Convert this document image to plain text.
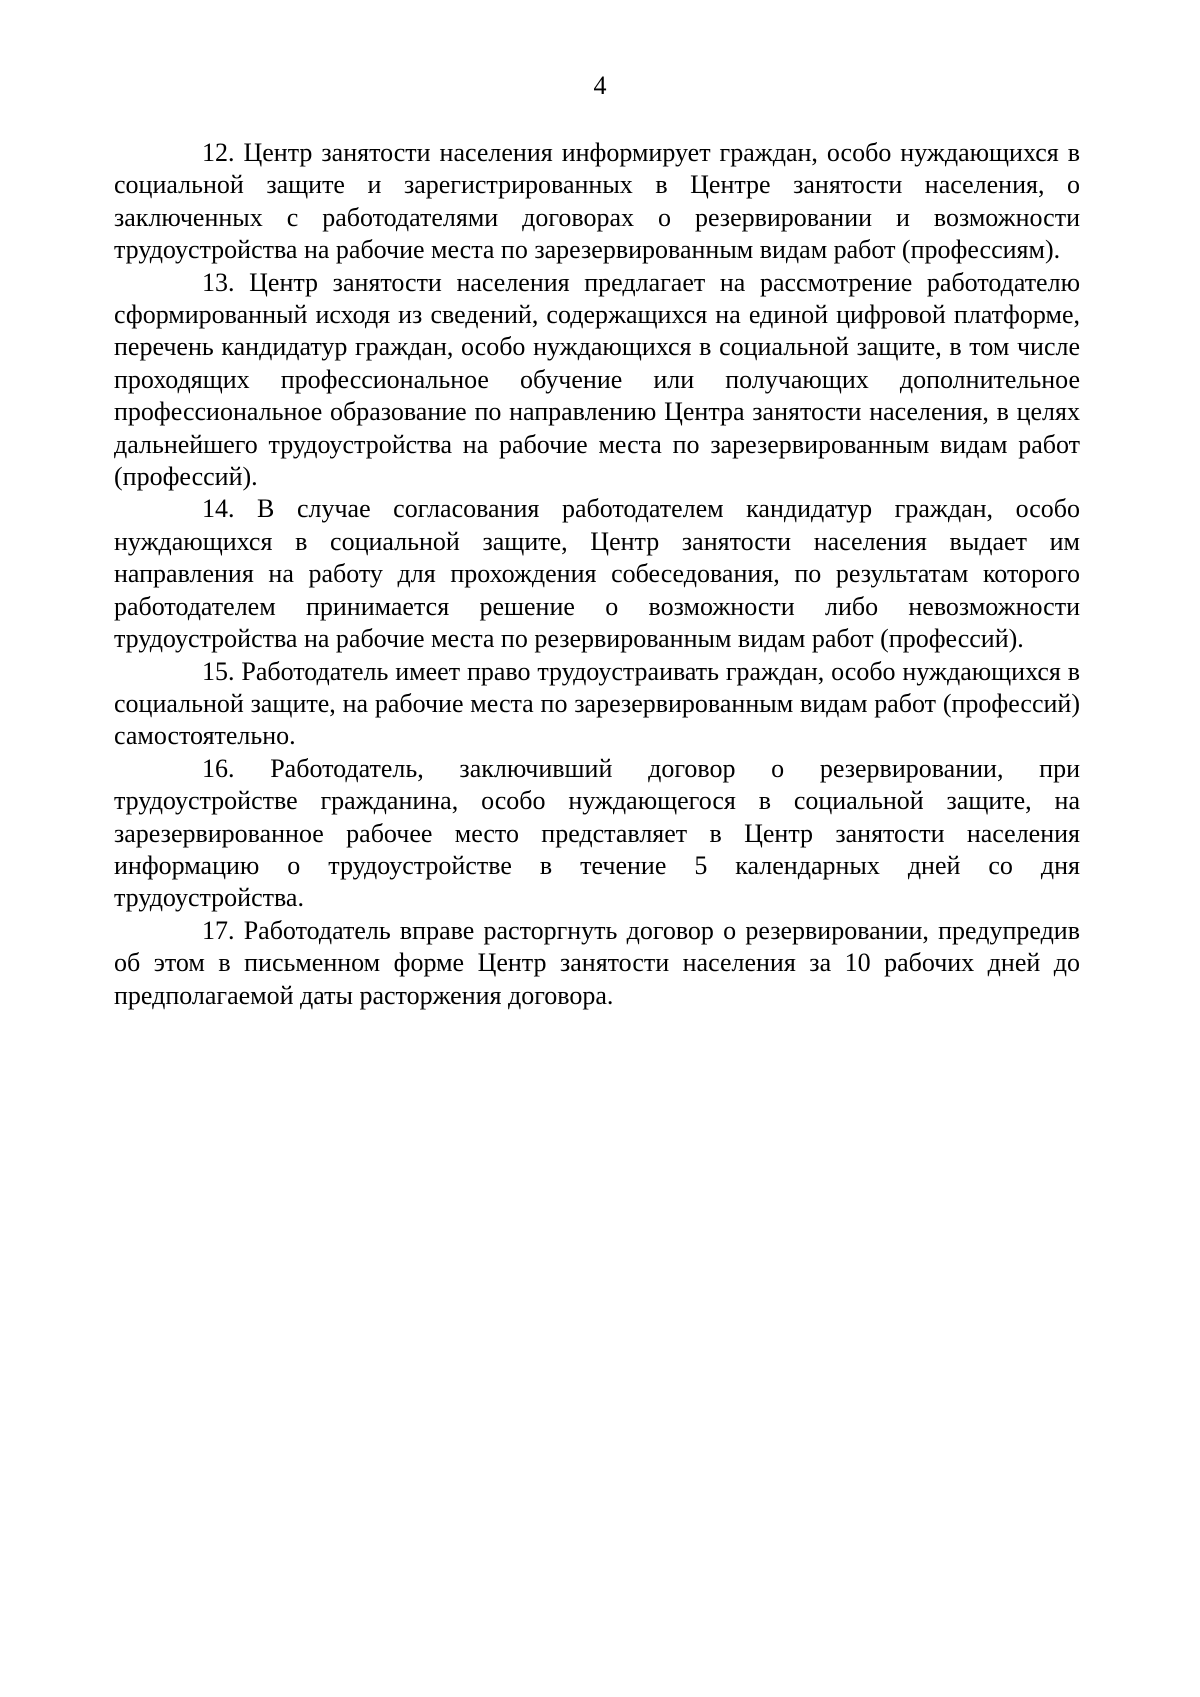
4

12. Центр занятости населения информирует граждан, особо нуждающихся в социальной защите и зарегистрированных в Центре занятости населения, о заключенных с работодателями договорах о резервировании и возможности трудоустройства на рабочие места по зарезервированным видам работ (профессиям).

13. Центр занятости населения предлагает на рассмотрение работодателю сформированный исходя из сведений, содержащихся на единой цифровой платформе, перечень кандидатур граждан, особо нуждающихся в социальной защите, в том числе проходящих профессиональное обучение или получающих дополнительное профессиональное образование по направлению Центра занятости населения, в целях дальнейшего трудоустройства на рабочие места по зарезервированным видам работ (профессий).

14. В случае согласования работодателем кандидатур граждан, особо нуждающихся в социальной защите, Центр занятости населения выдает им направления на работу для прохождения собеседования, по результатам которого работодателем принимается решение о возможности либо невозможности трудоустройства на рабочие места по резервированным видам работ (профессий).

15. Работодатель имеет право трудоустраивать граждан, особо нуждающихся в социальной защите, на рабочие места по зарезервированным видам работ (профессий) самостоятельно.

16. Работодатель, заключивший договор о резервировании, при трудоустройстве гражданина, особо нуждающегося в социальной защите, на зарезервированное рабочее место представляет в Центр занятости населения информацию о трудоустройстве в течение 5 календарных дней со дня трудоустройства.

17. Работодатель вправе расторгнуть договор о резервировании, предупредив об этом в письменном форме Центр занятости населения за 10 рабочих дней до предполагаемой даты расторжения договора.
